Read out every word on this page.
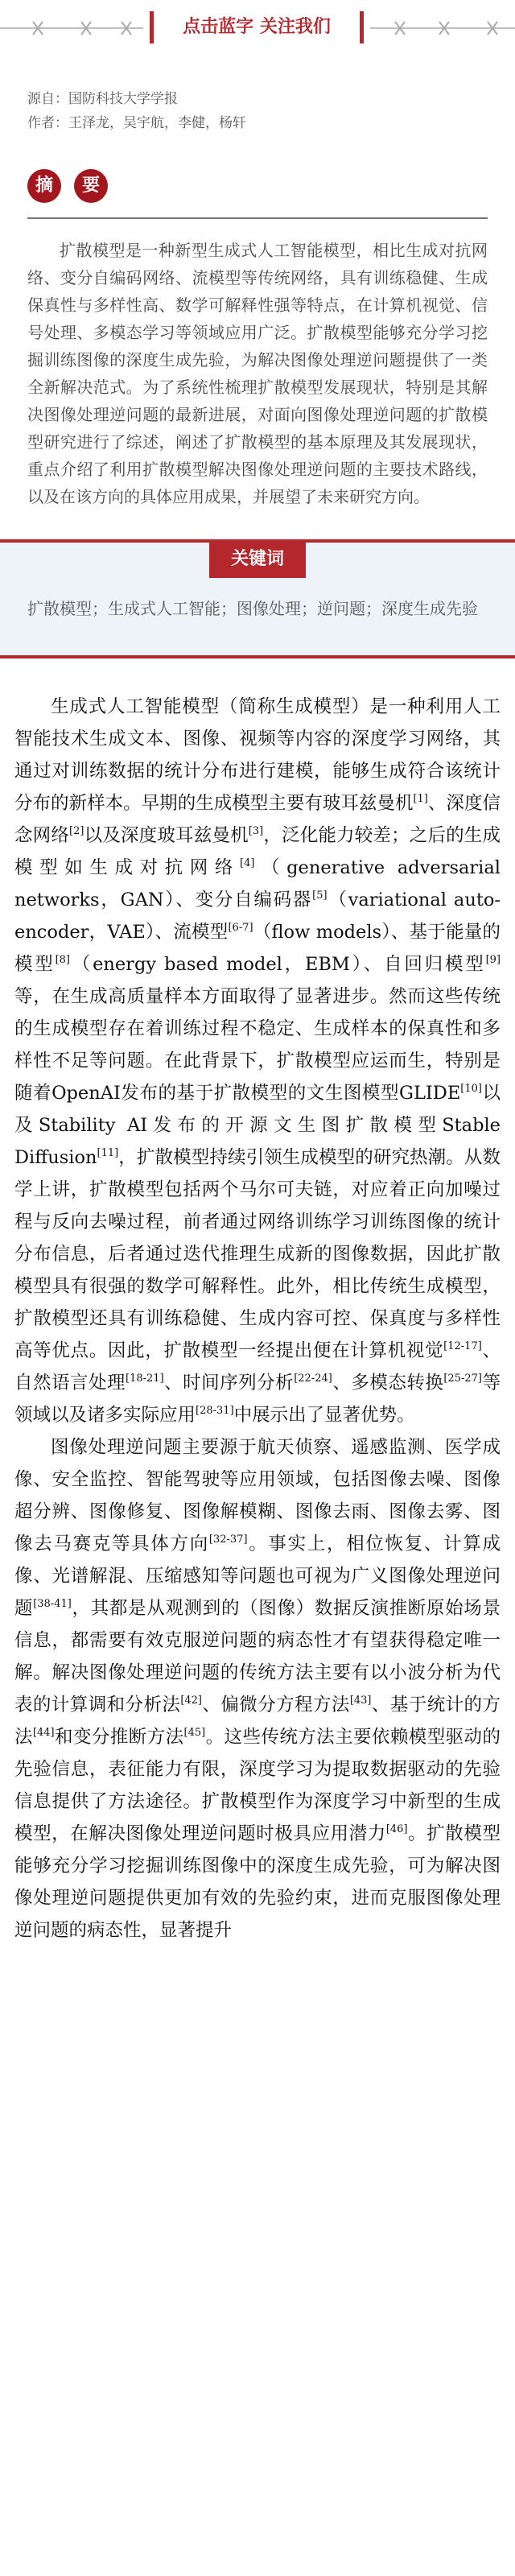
点击蓝字 关注我们
源自：国防科技大学学报
作者：王泽龙，吴宇航，李健，杨轩
摘	要
扩散模型是一种新型生成式人工智能模型，相比生成对抗网络、变分自编码网络、流模型等传统网络，具有训练稳健、生成保真性与多样性高、数学可解释性强等特点，在计算机视觉、信号处理、多模态学习等领域应用广泛。扩散模型能够充分学习挖掘训练图像的深度生成先验，为解决图像处理逆问题提供了一类全新解决范式。为了系统性梳理扩散模型发展现状，特别是其解决图像处理逆问题的最新进展，对面向图像处理逆问题的扩散模型研究进行了综述，阐述了扩散模型的基本原理及其发展现状，重点介绍了利用扩散模型解决图像处理逆问题的主要技术路线，以及在该方向的具体应用成果，并展望了未来研究方向。
关键词
扩散模型；生成式人工智能；图像处理；逆问题；深度生成先验

生成式人工智能模型（简称生成模型）是一种利用人工智能技术生成文本、图像、视频等内容的深度学习网络，其通过对训练数据的统计分布进行建模，能够生成符合该统计分布的新样本。早期的生成模型主要有玻耳兹曼机[1]、深度信念网络[2]以及深度玻耳兹曼机[3]，泛化能力较差；之后的生成模型如生成对抗网络[4]（generative adversarial networks，GAN）、变分自编码器[5]（variational auto-encoder，VAE）、流模型[6-7]（flow models）、基于能量的模型[8]（energy based model，EBM）、自回归模型[9]等，在生成高质量样本方面取得了显著进步。然而这些传统的生成模型存在着训练过程不稳定、生成样本的保真性和多样性不足等问题。在此背景下，扩散模型应运而生，特别是随着OpenAI发布的基于扩散模型的文生图模型GLIDE[10]以及Stability AI发布的开源文生图扩散模型Stable Diffusion[11]，扩散模型持续引领生成模型的研究热潮。从数学上讲，扩散模型包括两个马尔可夫链，对应着正向加噪过程与反向去噪过程，前者通过网络训练学习训练图像的统计分布信息，后者通过迭代推理生成新的图像数据，因此扩散模型具有很强的数学可解释性。此外，相比传统生成模型，扩散模型还具有训练稳健、生成内容可控、保真度与多样性高等优点。因此，扩散模型一经提出便在计算机视觉[12-17]、自然语言处理[18-21]、时间序列分析[22-24]、多模态转换[25-27]等领域以及诸多实际应用[28-31]中展示出了显著优势。

图像处理逆问题主要源于航天侦察、遥感监测、医学成像、安全监控、智能驾驶等应用领域，包括图像去噪、图像超分辨、图像修复、图像解模糊、图像去雨、图像去雾、图像去马赛克等具体方向[32-37]。事实上，相位恢复、计算成像、光谱解混、压缩感知等问题也可视为广义图像处理逆问题[38-41]，其都是从观测到的（图像）数据反演推断原始场景信息，都需要有效克服逆问题的病态性才有望获得稳定唯一解。解决图像处理逆问题的传统方法主要有以小波分析为代表的计算调和分析法[42]、偏微分方程方法[43]、基于统计的方法[44]和变分推断方法[45]。这些传统方法主要依赖模型驱动的先验信息，表征能力有限，深度学习为提取数据驱动的先验信息提供了方法途径。扩散模型作为深度学习中新型的生成模型，在解决图像处理逆问题时极具应用潜力[46]。扩散模型能够充分学习挖掘训练图像中的深度生成先验，可为解决图像处理逆问题提供更加有效的先验约束，进而克服图像处理逆问题的病态性，显著提升
